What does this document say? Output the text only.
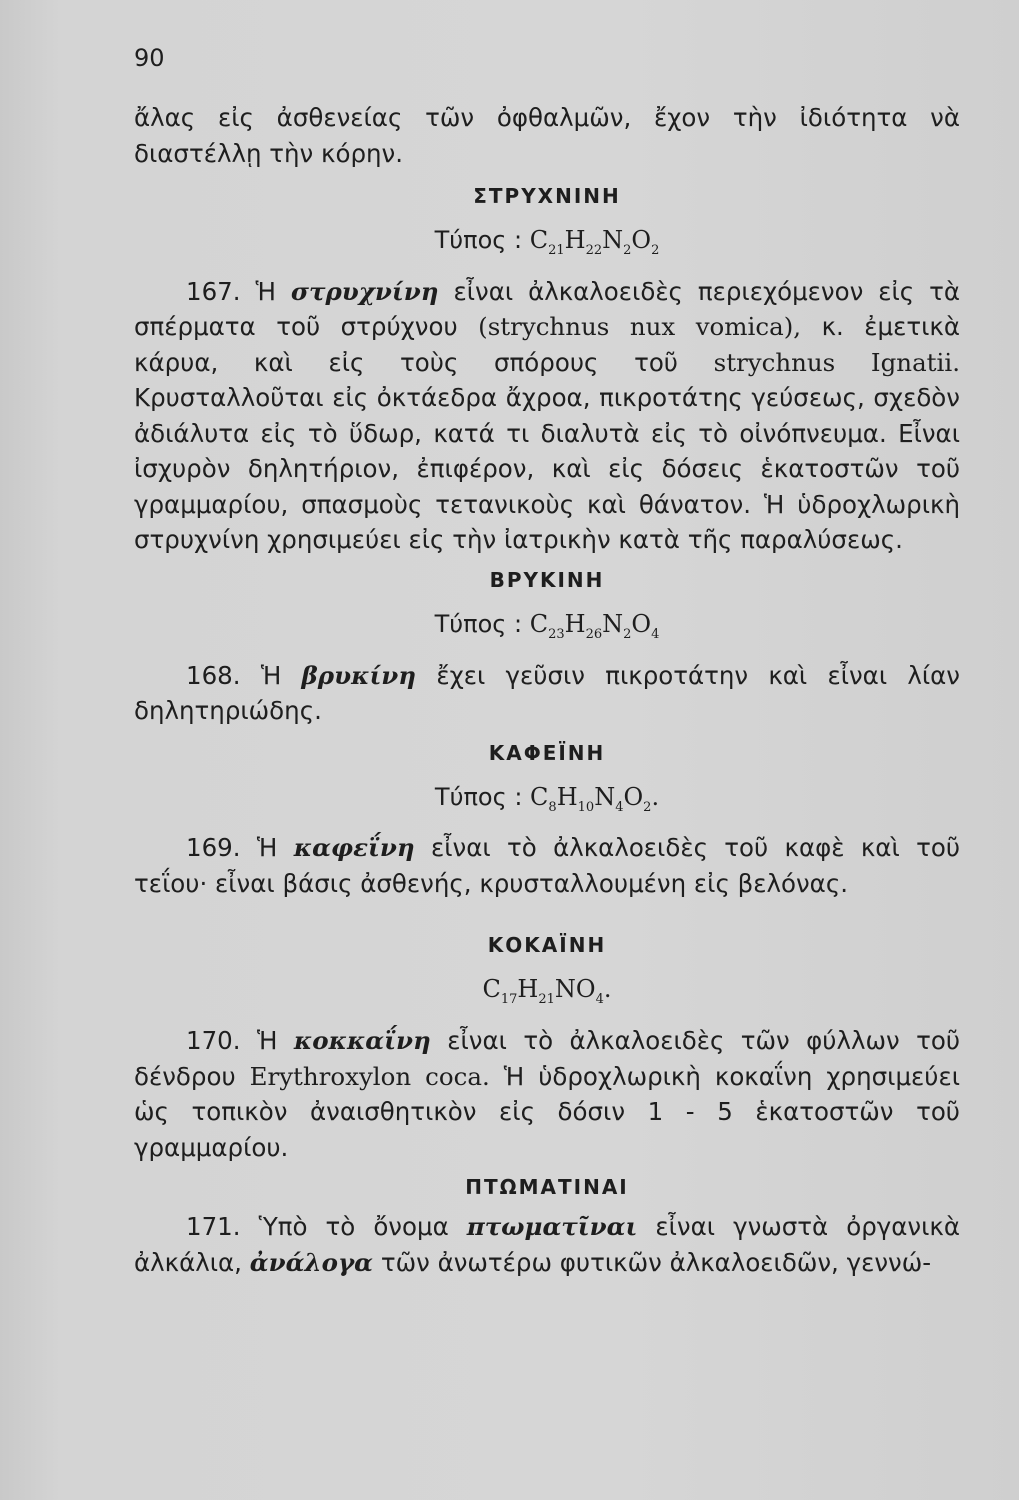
90

ἄλας εἰς ἀσθενείας τῶν ὀφθαλμῶν, ἔχον τὴν ἰδιότητα νὰ διαστέλλῃ τὴν κόρην.

ΣΤΡΥΧΝΙΝΗ

Τύπος : $C_{21}H_{22}N_2O_2$

167. Ἡ στρυχνίνη εἶναι ἀλκαλοειδὲς περιεχόμενον εἰς τὰ σπέρματα τοῦ στρύχνου (strychnus nux vomica), κ. ἐμετικὰ κάρυα, καὶ εἰς τοὺς σπόρους τοῦ strychnus Ignatii. Κρυσταλλοῦται εἰς ὀκτάεδρα ἄχροα, πικροτάτης γεύσεως, σχεδὸν ἀδιάλυτα εἰς τὸ ὕδωρ, κατά τι διαλυτὰ εἰς τὸ οἰνόπνευμα. Εἶναι ἰσχυρὸν δηλητήριον, ἐπιφέρον, καὶ εἰς δόσεις ἑκατοστῶν τοῦ γραμμαρίου, σπασμοὺς τετανικοὺς καὶ θάνατον. Ἡ ὑδροχλωρικὴ στρυχνίνη χρησιμεύει εἰς τὴν ἰατρικὴν κατὰ τῆς παραλύσεως.

ΒΡΥΚΙΝΗ

Τύπος : $C_{23}H_{26}N_2O_4$

168. Ἡ βρυκίνη ἔχει γεῦσιν πικροτάτην καὶ εἶναι λίαν δηλητηριώδης.

ΚΑΦΕΪΝΗ

Τύπος : $C_8H_{10}N_4O_2$.

169. Ἡ καφεΐνη εἶναι τὸ ἀλκαλοειδὲς τοῦ καφὲ καὶ τοῦ τεΐου· εἶναι βάσις ἀσθενής, κρυσταλλουμένη εἰς βελόνας.

ΚΟΚΑΪΝΗ

$C_{17}H_{21}NO_4$.

170. Ἡ κοκκαΐνη εἶναι τὸ ἀλκαλοειδὲς τῶν φύλλων τοῦ δένδρου Erythroxylon coca. Ἡ ὑδροχλωρικὴ κοκαΐνη χρησιμεύει ὡς τοπικὸν ἀναισθητικὸν εἰς δόσιν 1 - 5 ἑκατοστῶν τοῦ γραμμαρίου.

ΠΤΩΜΑΤΙΝΑΙ

171. Ὑπὸ τὸ ὄνομα πτωματῖναι εἶναι γνωστὰ ὀργανικὰ ἀλκάλια, ἀνάλογα τῶν ἀνωτέρω φυτικῶν ἀλκαλοειδῶν, γεννώ-
